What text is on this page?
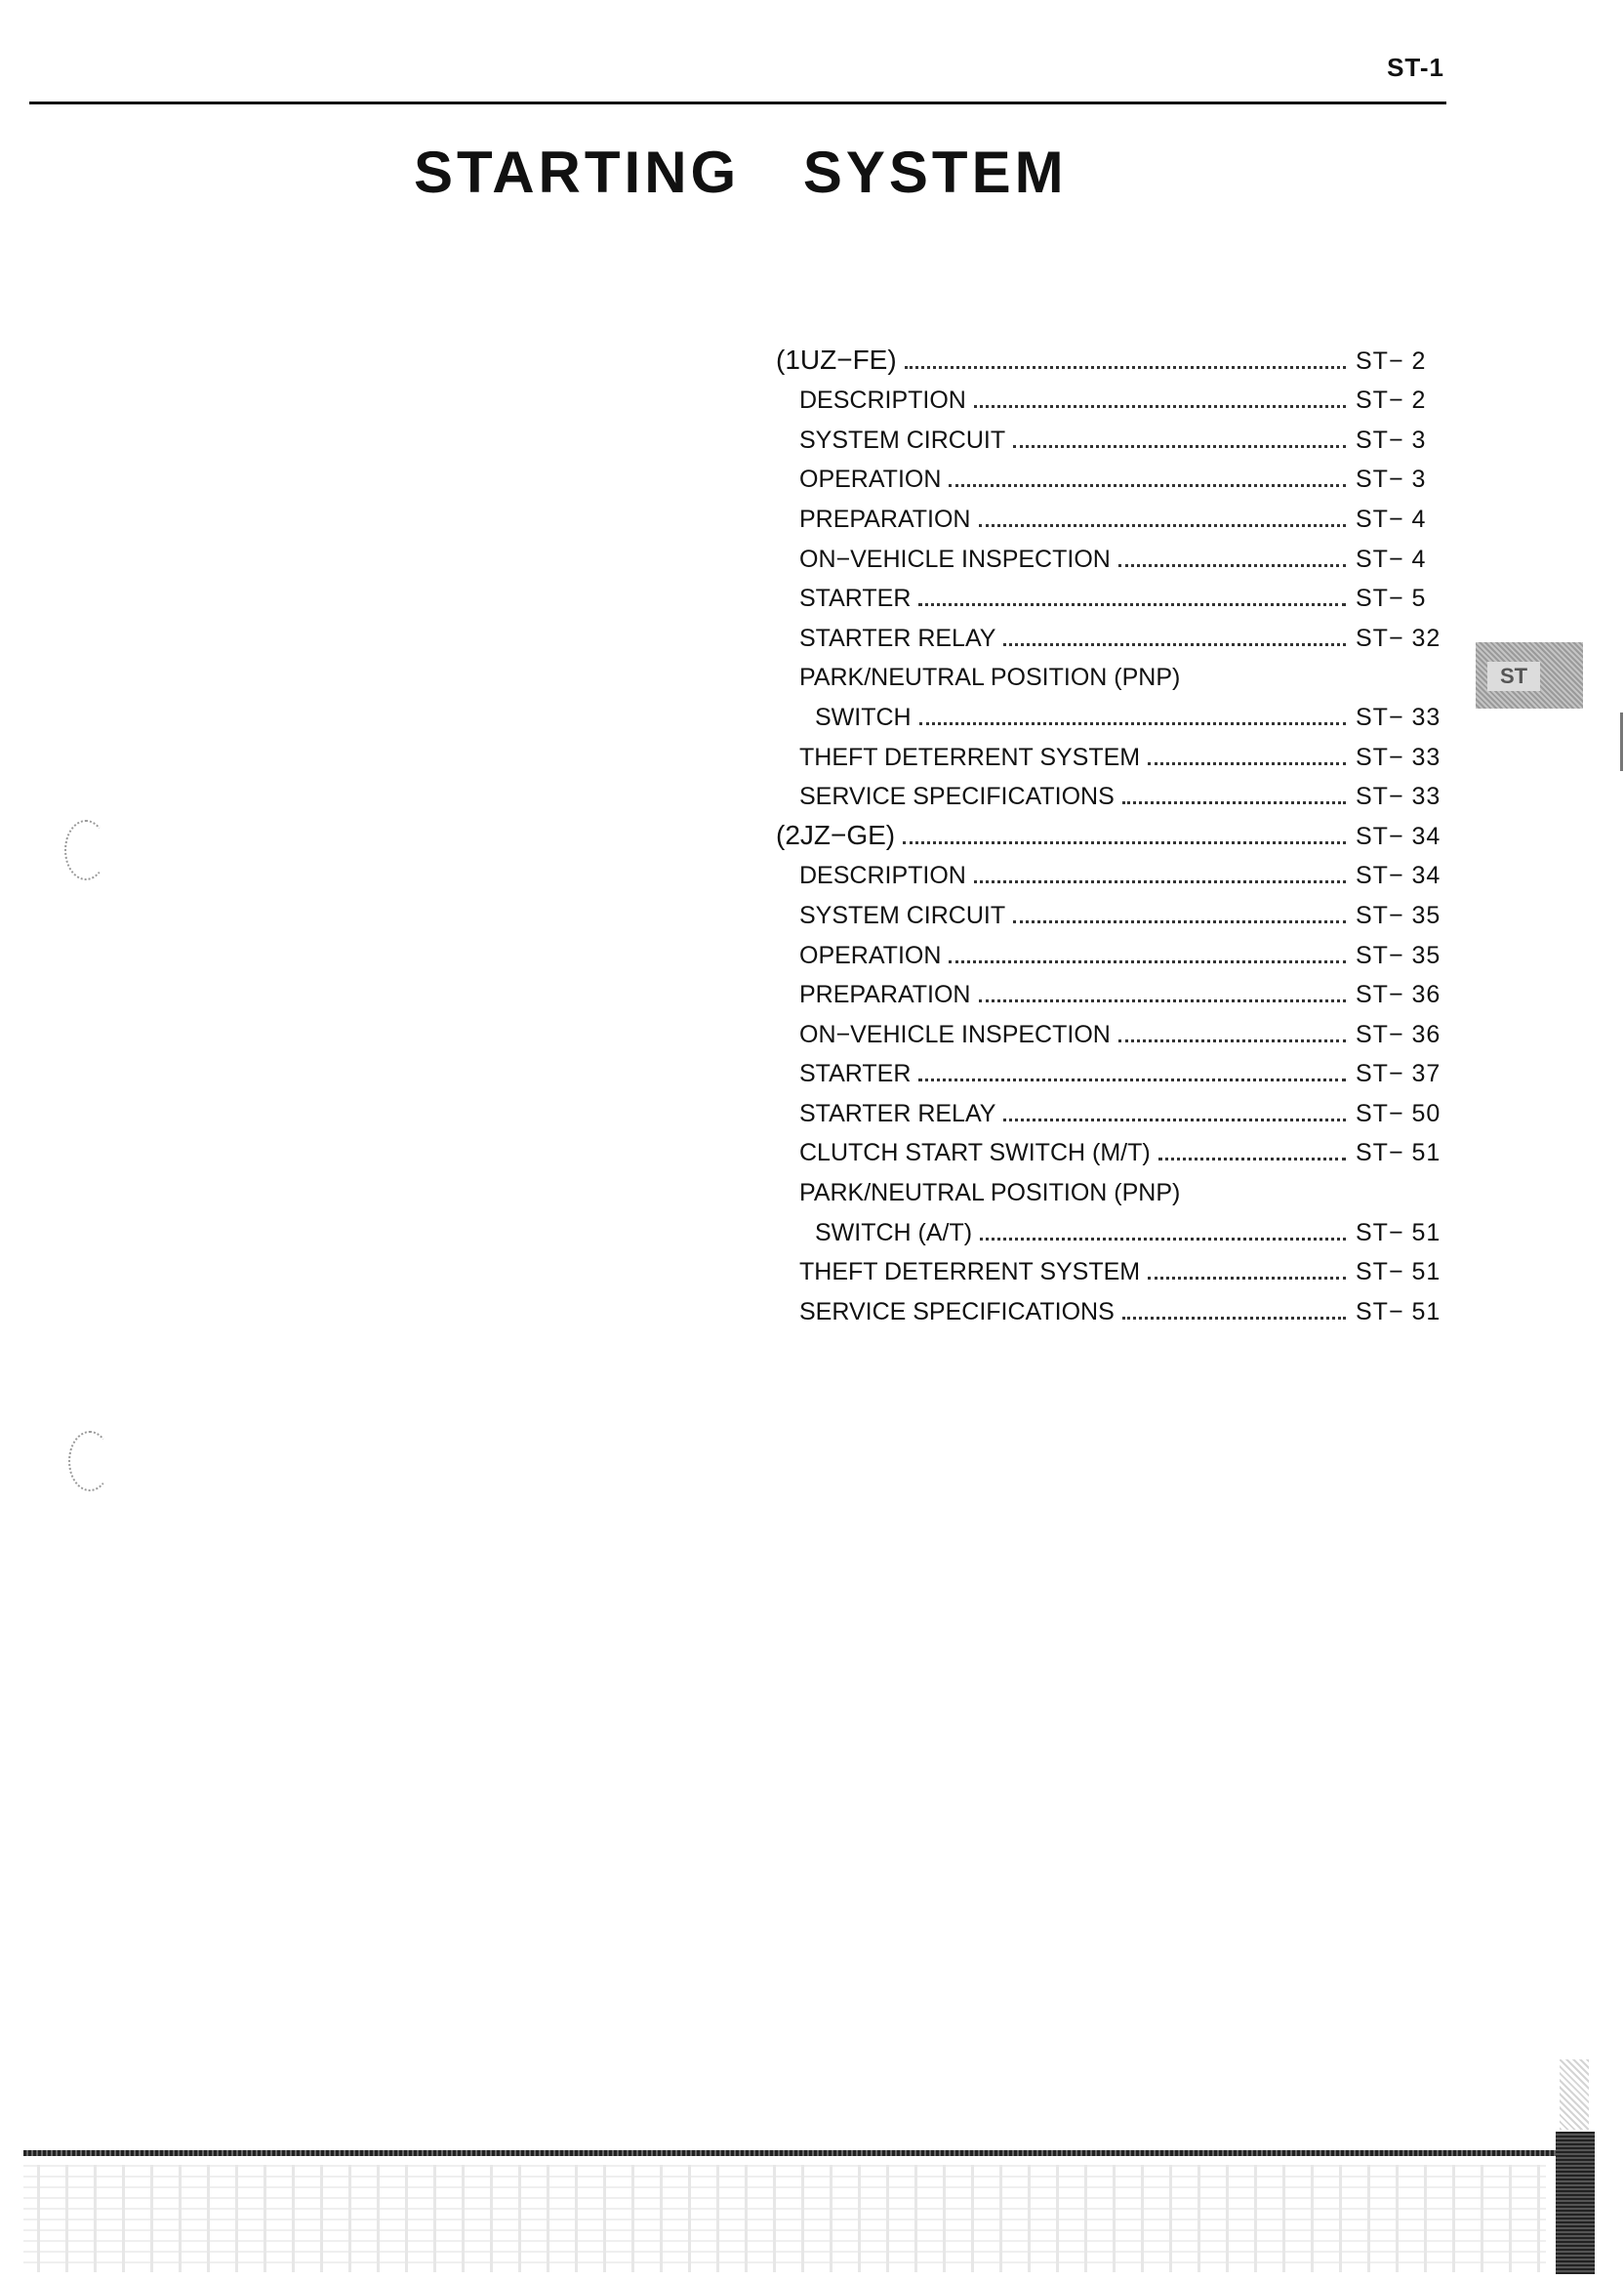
ST-1
STARTING SYSTEM
(1UZ−FE)	ST− 2
DESCRIPTION	ST− 2
SYSTEM CIRCUIT	ST− 3
OPERATION	ST− 3
PREPARATION	ST− 4
ON−VEHICLE INSPECTION	ST− 4
STARTER	ST− 5
STARTER RELAY	ST− 32
PARK/NEUTRAL POSITION (PNP)
SWITCH	ST− 33
THEFT DETERRENT SYSTEM	ST− 33
SERVICE SPECIFICATIONS	ST− 33
(2JZ−GE)	ST− 34
DESCRIPTION	ST− 34
SYSTEM CIRCUIT	ST− 35
OPERATION	ST− 35
PREPARATION	ST− 36
ON−VEHICLE INSPECTION	ST− 36
STARTER	ST− 37
STARTER RELAY	ST− 50
CLUTCH START SWITCH (M/T)	ST− 51
PARK/NEUTRAL POSITION (PNP)
SWITCH (A/T)	ST− 51
THEFT DETERRENT SYSTEM	ST− 51
SERVICE SPECIFICATIONS	ST− 51
ST
